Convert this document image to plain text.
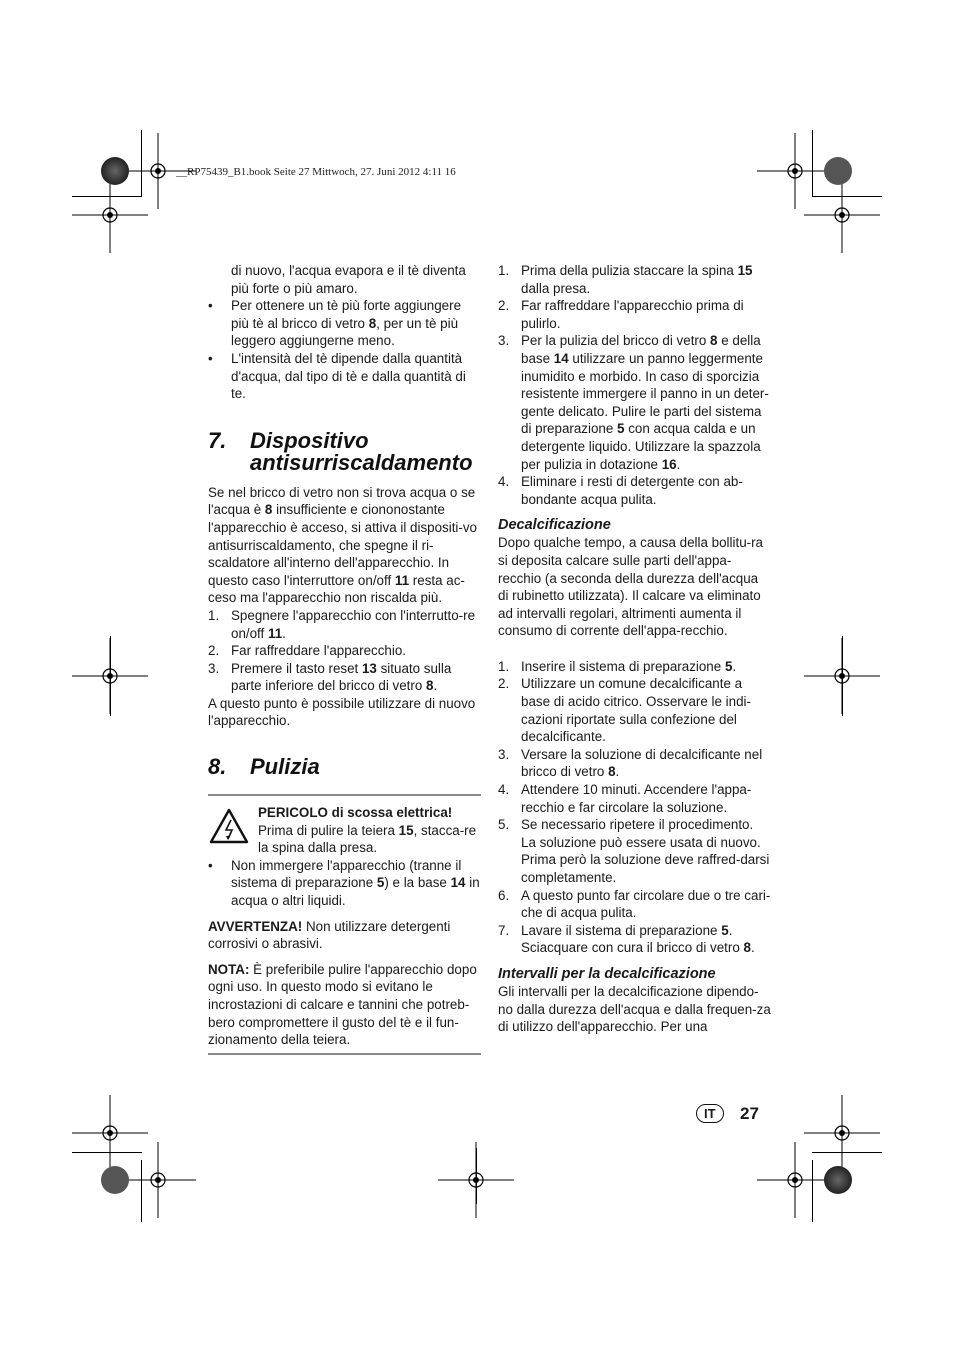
__RP75439_B1.book Seite 27 Mittwoch, 27. Juni 2012 4:11 16

di nuovo, l'acqua evapora e il tè diventa più forte o più amaro.

• Per ottenere un tè più forte aggiungere più tè al bricco di vetro 8, per un tè più leggero aggiungerne meno.
• L'intensità del tè dipende dalla quantità d'acqua, dal tipo di tè e dalla quantità di te.
7. Dispositivo antisurriscaldamento

Se nel bricco di vetro non si trova acqua o se l'acqua è 8 insufficiente e ciononostante l'apparecchio è acceso, si attiva il dispositi-vo antisurriscaldamento, che spegne il ri-scaldatore all'interno dell'apparecchio. In questo caso l'interruttore on/off 11 resta ac-ceso ma l'apparecchio non riscalda più.

1. Spegnere l'apparecchio con l'interrutto-re on/off 11.
2. Far raffreddare l'apparecchio.
3. Premere il tasto reset 13 situato sulla parte inferiore del bricco di vetro 8.

A questo punto è possibile utilizzare di nuovo l'apparecchio.

8. Pulizia

PERICOLO di scossa elettrica!

Prima di pulire la teiera 15, stacca-re la spina dalla presa.

• Non immergere l'apparecchio (tranne il sistema di preparazione 5) e la base 14 in acqua o altri liquidi.

AVVERTENZA! Non utilizzare detergenti corrosivi o abrasivi.

NOTA: È preferibile pulire l'apparecchio dopo ogni uso. In questo modo si evitano le incrostazioni di calcare e tannini che potreb-bero compromettere il gusto del tè e il fun-zionamento della teiera.

1. Prima della pulizia staccare la spina 15 dalla presa.
2. Far raffreddare l'apparecchio prima di pulirlo.
3. Per la pulizia del bricco di vetro 8 e della base 14 utilizzare un panno leggermente inumidito e morbido. In caso di sporcizia resistente immergere il panno in un deter-gente delicato. Pulire le parti del sistema di preparazione 5 con acqua calda e un detergente liquido. Utilizzare la spazzola per pulizia in dotazione 16.
4. Eliminare i resti di detergente con ab-bondante acqua pulita.
Decalcificazione

Dopo qualche tempo, a causa della bollitu-ra si deposita calcare sulle parti dell'appa-recchio (a seconda della durezza dell'acqua di rubinetto utilizzata). Il calcare va eliminato ad intervalli regolari, altrimenti aumenta il consumo di corrente dell'appa-recchio.

1. Inserire il sistema di preparazione 5.
2. Utilizzare un comune decalcificante a base di acido citrico. Osservare le indi-cazioni riportate sulla confezione del decalcificante.
3. Versare la soluzione di decalcificante nel bricco di vetro 8.
4. Attendere 10 minuti. Accendere l'appa-recchio e far circolare la soluzione.
5. Se necessario ripetere il procedimento. La soluzione può essere usata di nuovo. Prima però la soluzione deve raffred-darsi completamente.
6. A questo punto far circolare due o tre cari-che di acqua pulita.
7. Lavare il sistema di preparazione 5. Sciacquare con cura il bricco di vetro 8.
Intervalli per la decalcificazione

Gli intervalli per la decalcificazione dipendo-no dalla durezza dell'acqua e dalla frequen-za di utilizzo dell'apparecchio. Per una

IT 27
